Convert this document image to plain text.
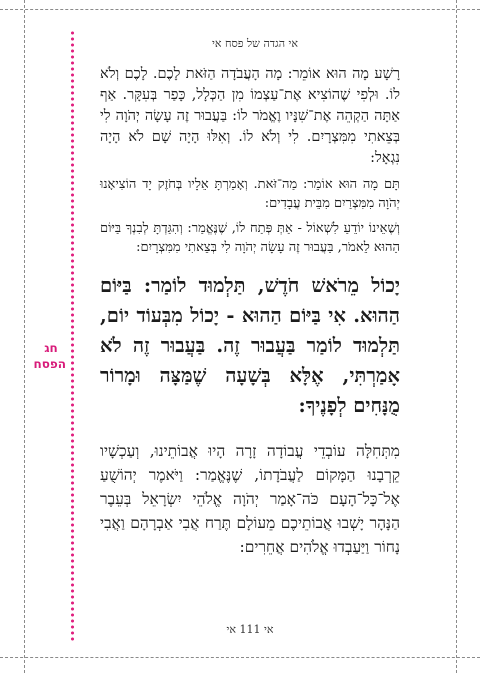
חג
הפסח
אי הגדה של פסח אי

רָשָׁע מָה הוּא אוֹמֵר: מָה הָעֲבֹדָה הַזֹּאת לָכֶם. לָכֶם וְלֹא לוֹ. וּלְפִי שֶׁהוֹצִיא אֶת־עַצְמוֹ מִן הַכְּלָל, כָּפַר בְּעִקָּר. אַף אַתָּה הַקְהֵה אֶת־שִׁנָּיו וֶאֱמֹר לוֹ: בַּעֲבוּר זֶה עָשָׂה יְהֹוָה לִי בְּצֵאתִי מִמִּצְרָיִם. לִי וְלֹא לוֹ. וְאִלּוּ הָיָה שָׁם לֹא הָיָה נִגְאָל:

תָּם מָה הוּא אוֹמֵר: מַה־זֹּאת. וְאָמַרְתָּ אֵלָיו בְּחֹזֶק יָד הוֹצִיאָנוּ יְהֹוָה מִמִּצְרַיִם מִבֵּית עֲבָדִים:

וְשֶׁאֵינוֹ יוֹדֵעַ לִשְׁאוֹל - אַתְּ פְּתַח לוֹ, שֶׁנֶּאֱמַר: וְהִגַּדְתָּ לְבִנְךָ בַּיּוֹם הַהוּא לֵאמֹר, בַּעֲבוּר זֶה עָשָׂה יְהֹוָה לִי בְּצֵאתִי מִמִּצְרָיִם:

יָכוֹל מֵרֹאשׁ חֹדֶשׁ, תַּלְמוּד לוֹמַר: בַּיּוֹם הַהוּא. אִי בַּיּוֹם הַהוּא - יָכוֹל מִבְּעוֹד יוֹם, תַּלְמוּד לוֹמַר בַּעֲבוּר זֶה. בַּעֲבוּר זֶה לֹא אָמַרְתִּי, אֶלָּא בְּשָׁעָה שֶׁמַּצָּה וּמָרוֹר מֻנָּחִים לְפָנֶיךָ:

מִתְּחִלָּה עוֹבְדֵי עֲבוֹדָה זָרָה הָיוּ אֲבוֹתֵינוּ, וְעַכְשָׁיו קֵרְבָנוּ הַמָּקוֹם לַעֲבֹדָתוֹ, שֶׁנֶּאֱמַר: וַיֹּאמֶר יְהוֹשֻׁעַ אֶל־כָּל־הָעָם כֹּה־אָמַר יְהֹוָה אֱלֹהֵי יִשְׂרָאֵל בְּעֵבֶר הַנָּהָר יָשְׁבוּ אֲבוֹתֵיכֶם מֵעוֹלָם תֶּרַח אֲבִי אַבְרָהָם וַאֲבִי נָחוֹר וַיַּעַבְדוּ אֱלֹהִים אֲחֵרִים:

אי 111 אי
